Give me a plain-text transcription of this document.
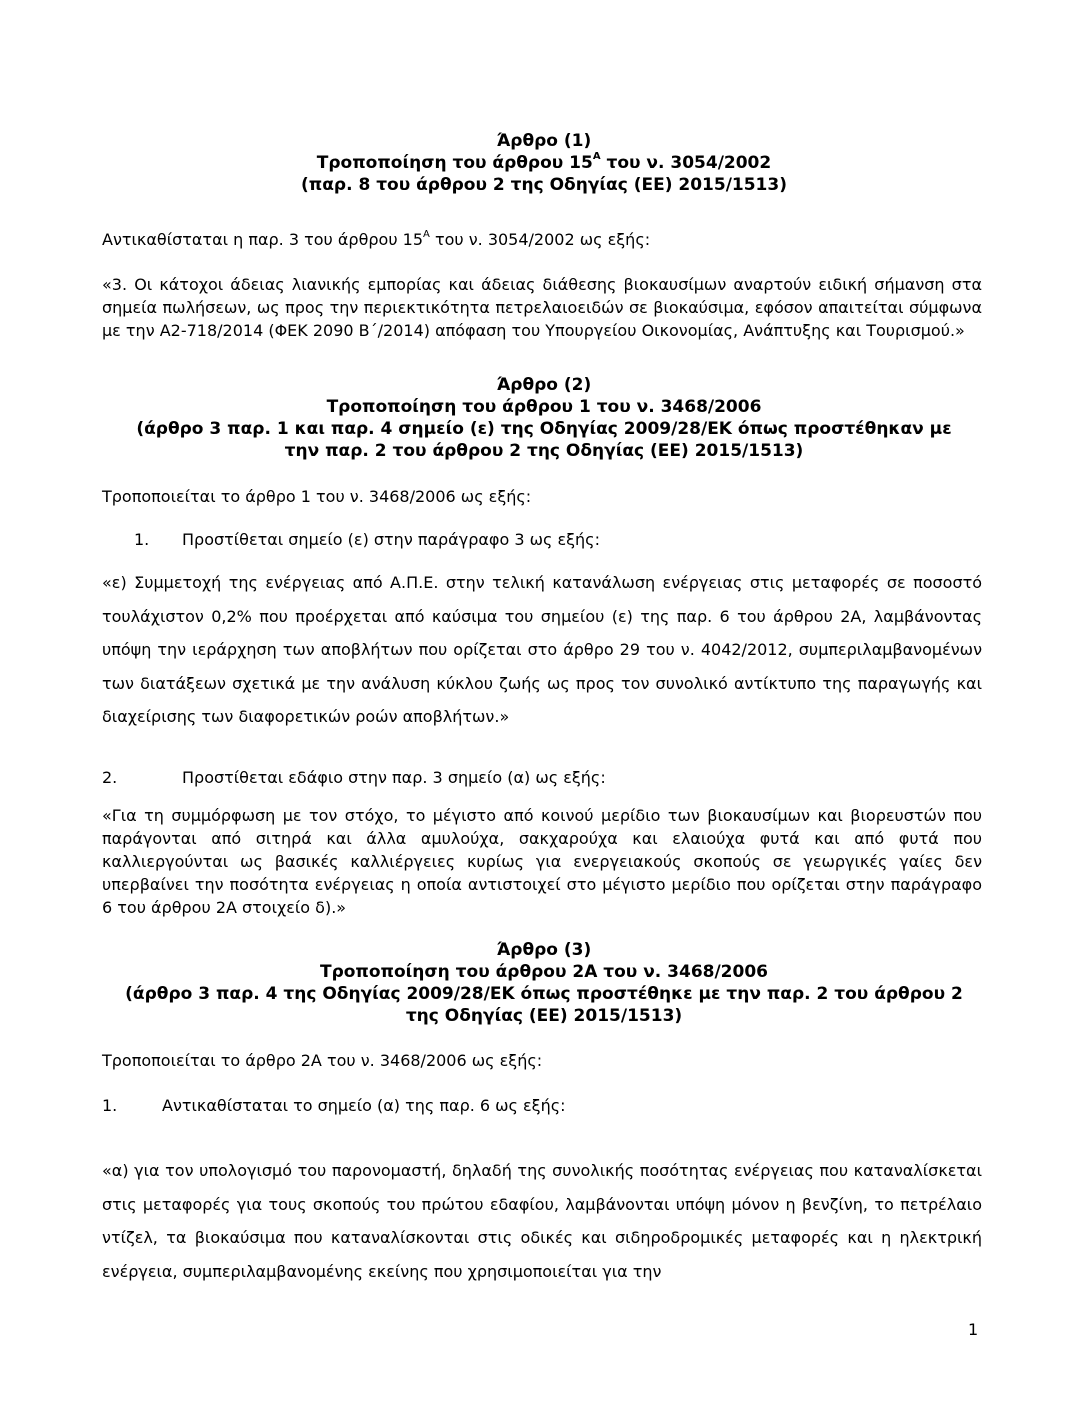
Άρθρο (1)
Τροποποίηση του άρθρου $15^A$ του ν. 3054/2002
(παρ. 8 του άρθρου 2 της Οδηγίας (ΕΕ) 2015/1513)
Αντικαθίσταται η παρ. 3 του άρθρου $15^A$ του ν. 3054/2002 ως εξής:
«3. Οι κάτοχοι άδειας λιανικής εμπορίας και άδειας διάθεσης βιοκαυσίμων αναρτούν ειδική σήμανση στα σημεία πωλήσεων, ως προς την περιεκτικότητα πετρελαιοειδών σε βιοκαύσιμα, εφόσον απαιτείται σύμφωνα με την Α2-718/2014 (ΦΕΚ 2090 Β΄/2014) απόφαση του Υπουργείου Οικονομίας, Ανάπτυξης και Τουρισμού.»
Άρθρο (2)
Τροποποίηση του άρθρου 1 του ν. 3468/2006
(άρθρο 3 παρ. 1 και παρ. 4 σημείο (ε) της Οδηγίας 2009/28/ΕΚ όπως προστέθηκαν με
την παρ. 2 του άρθρου 2 της Οδηγίας (ΕΕ) 2015/1513)
Τροποποιείται το άρθρο 1 του ν. 3468/2006 ως εξής:
1. Προστίθεται σημείο (ε) στην παράγραφο 3 ως εξής:
«ε) Συμμετοχή της ενέργειας από Α.Π.Ε. στην τελική κατανάλωση ενέργειας στις μεταφορές σε ποσοστό τουλάχιστον 0,2% που προέρχεται από καύσιμα του σημείου (ε) της παρ. 6 του άρθρου 2Α, λαμβάνοντας υπόψη την ιεράρχηση των αποβλήτων που ορίζεται στο άρθρο 29 του ν. 4042/2012, συμπεριλαμβανομένων των διατάξεων σχετικά με την ανάλυση κύκλου ζωής ως προς τον συνολικό αντίκτυπο της παραγωγής και διαχείρισης των διαφορετικών ροών αποβλήτων.»
2.	Προστίθεται εδάφιο στην παρ. 3 σημείο (α) ως εξής:
«Για τη συμμόρφωση με τον στόχο, το μέγιστο από κοινού μερίδιο των βιοκαυσίμων και βιορευστών που παράγονται από σιτηρά και άλλα αμυλούχα, σακχαρούχα και ελαιούχα φυτά και από φυτά που καλλιεργούνται ως βασικές καλλιέργειες κυρίως για ενεργειακούς σκοπούς σε γεωργικές γαίες δεν υπερβαίνει την ποσότητα ενέργειας η οποία αντιστοιχεί στο μέγιστο μερίδιο που ορίζεται στην παράγραφο 6 του άρθρου 2Α στοιχείο δ).»
Άρθρο (3)
Τροποποίηση του άρθρου 2Α του ν. 3468/2006
(άρθρο 3 παρ. 4 της Οδηγίας 2009/28/ΕΚ όπως προστέθηκε με την παρ. 2 του άρθρου 2
της Οδηγίας (ΕΕ) 2015/1513)
Τροποποιείται το άρθρο 2Α του ν. 3468/2006 ως εξής:
1.	Αντικαθίσταται το σημείο (α) της παρ. 6 ως εξής:
«α) για τον υπολογισμό του παρονομαστή, δηλαδή της συνολικής ποσότητας ενέργειας που καταναλίσκεται στις μεταφορές για τους σκοπούς του πρώτου εδαφίου, λαμβάνονται υπόψη μόνον η βενζίνη, το πετρέλαιο ντίζελ, τα βιοκαύσιμα που καταναλίσκονται στις οδικές και σιδηροδρομικές μεταφορές και η ηλεκτρική ενέργεια, συμπεριλαμβανομένης εκείνης που χρησιμοποιείται για την
1
